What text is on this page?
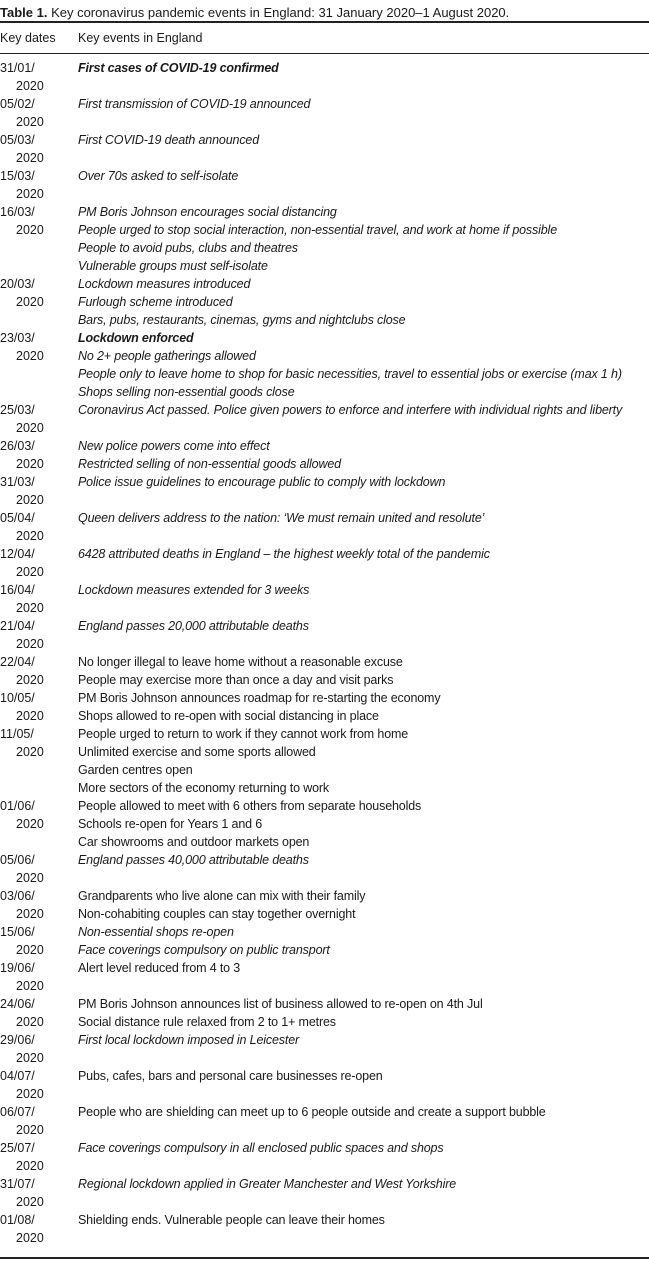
Table 1. Key coronavirus pandemic events in England: 31 January 2020–1 August 2020.
Key dates	Key events in England
31/01/
2020
First cases of COVID-19 confirmed
05/02/
2020
First transmission of COVID-19 announced
05/03/
2020
First COVID-19 death announced
15/03/
2020
Over 70s asked to self-isolate
16/03/
2020
PM Boris Johnson encourages social distancing
People urged to stop social interaction, non-essential travel, and work at home if possible
People to avoid pubs, clubs and theatres
Vulnerable groups must self-isolate
20/03/
2020
Lockdown measures introduced
Furlough scheme introduced
Bars, pubs, restaurants, cinemas, gyms and nightclubs close
23/03/
2020
Lockdown enforced
No 2+ people gatherings allowed
People only to leave home to shop for basic necessities, travel to essential jobs or exercise (max 1 h)
Shops selling non-essential goods close
25/03/
2020
Coronavirus Act passed. Police given powers to enforce and interfere with individual rights and liberty
26/03/
2020
New police powers come into effect
Restricted selling of non-essential goods allowed
31/03/
2020
Police issue guidelines to encourage public to comply with lockdown
05/04/
2020
Queen delivers address to the nation: ‘We must remain united and resolute’
12/04/
2020
6428 attributed deaths in England – the highest weekly total of the pandemic
16/04/
2020
Lockdown measures extended for 3 weeks
21/04/
2020
England passes 20,000 attributable deaths
22/04/
2020
No longer illegal to leave home without a reasonable excuse
People may exercise more than once a day and visit parks
10/05/
2020
PM Boris Johnson announces roadmap for re-starting the economy
Shops allowed to re-open with social distancing in place
11/05/
2020
People urged to return to work if they cannot work from home
Unlimited exercise and some sports allowed
Garden centres open
More sectors of the economy returning to work
01/06/
2020
People allowed to meet with 6 others from separate households
Schools re-open for Years 1 and 6
Car showrooms and outdoor markets open
05/06/
2020
England passes 40,000 attributable deaths
03/06/
2020
Grandparents who live alone can mix with their family
Non-cohabiting couples can stay together overnight
15/06/
2020
Non-essential shops re-open
Face coverings compulsory on public transport
19/06/
2020
Alert level reduced from 4 to 3
24/06/
2020
PM Boris Johnson announces list of business allowed to re-open on 4th Jul
Social distance rule relaxed from 2 to 1+ metres
29/06/
2020
First local lockdown imposed in Leicester
04/07/
2020
Pubs, cafes, bars and personal care businesses re-open
06/07/
2020
People who are shielding can meet up to 6 people outside and create a support bubble
25/07/
2020
Face coverings compulsory in all enclosed public spaces and shops
31/07/
2020
Regional lockdown applied in Greater Manchester and West Yorkshire
01/08/
2020
Shielding ends. Vulnerable people can leave their homes
